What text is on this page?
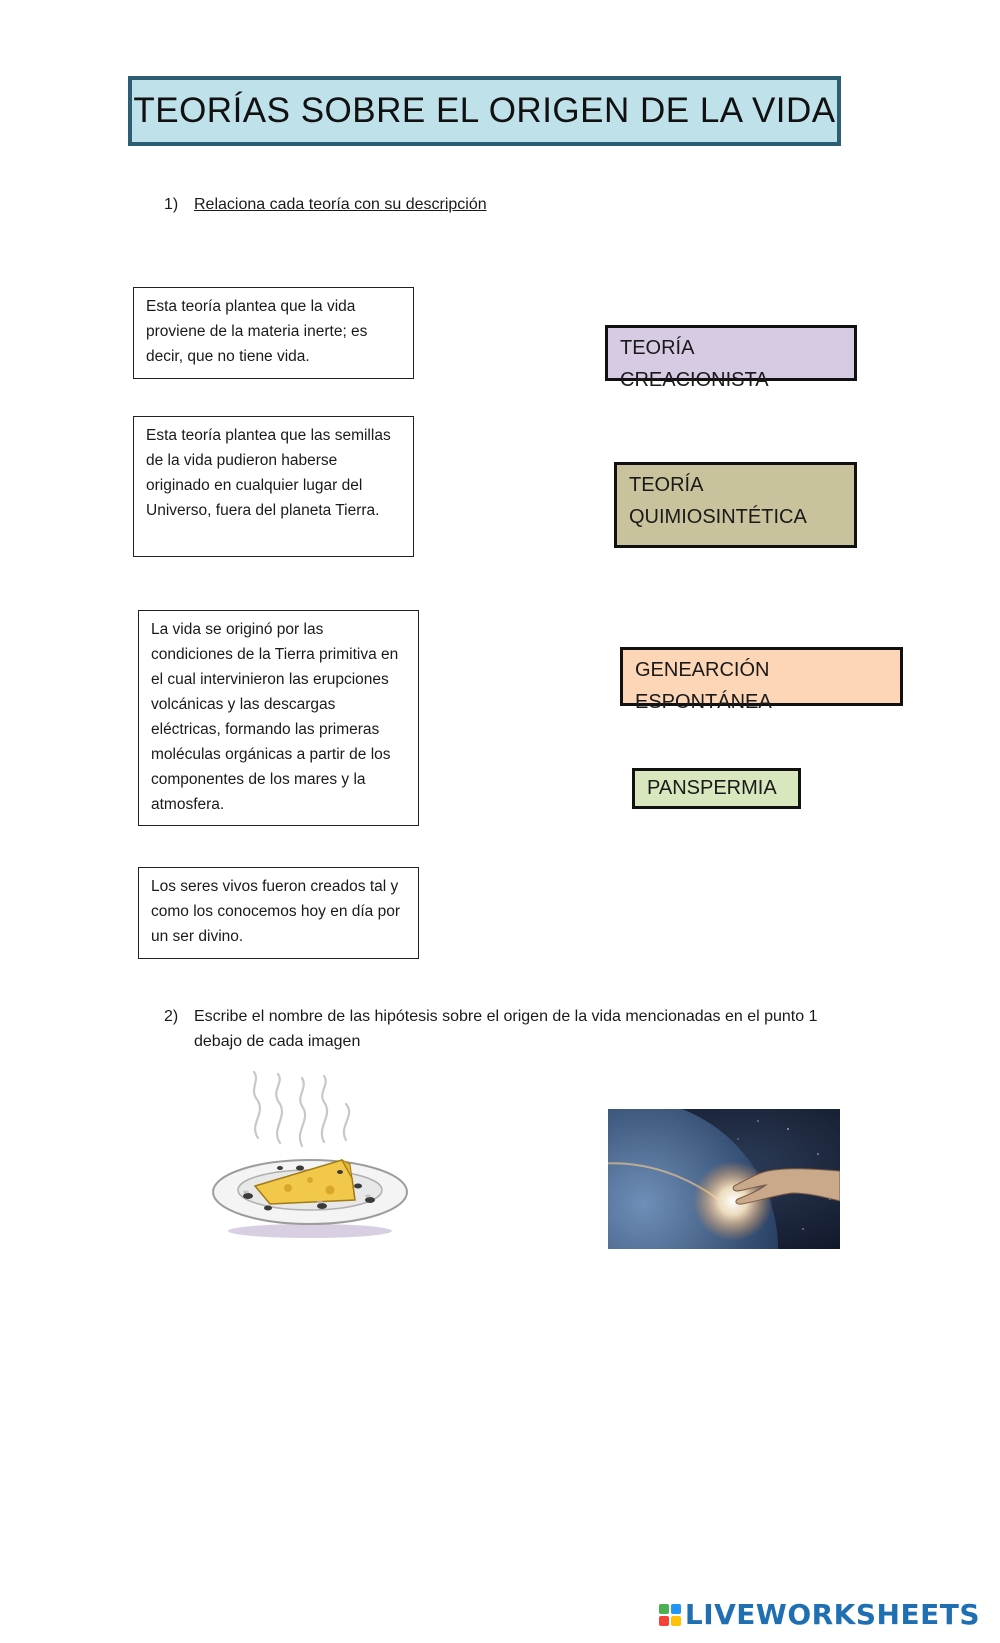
TEORÍAS SOBRE EL ORIGEN DE LA VIDA
1) Relaciona cada teoría con su descripción
Esta teoría plantea que la vida proviene de la materia inerte; es decir, que no tiene vida.
Esta teoría plantea que las semillas de la vida pudieron haberse originado en cualquier lugar del Universo, fuera del planeta Tierra.
La vida se originó por las condiciones de la Tierra primitiva en el cual intervinieron las erupciones volcánicas y las descargas eléctricas, formando las primeras moléculas orgánicas a partir de los componentes de los mares y la atmosfera.
Los seres vivos fueron creados tal y como los conocemos hoy en día por un ser divino.
TEORÍA CREACIONISTA
TEORÍA QUIMIOSINTÉTICA
GENEARCIÓN ESPONTÁNEA
PANSPERMIA
2) Escribe el nombre de las hipótesis sobre el origen de la vida mencionadas en el punto 1 debajo de cada imagen
LIVEWORKSHEETS
